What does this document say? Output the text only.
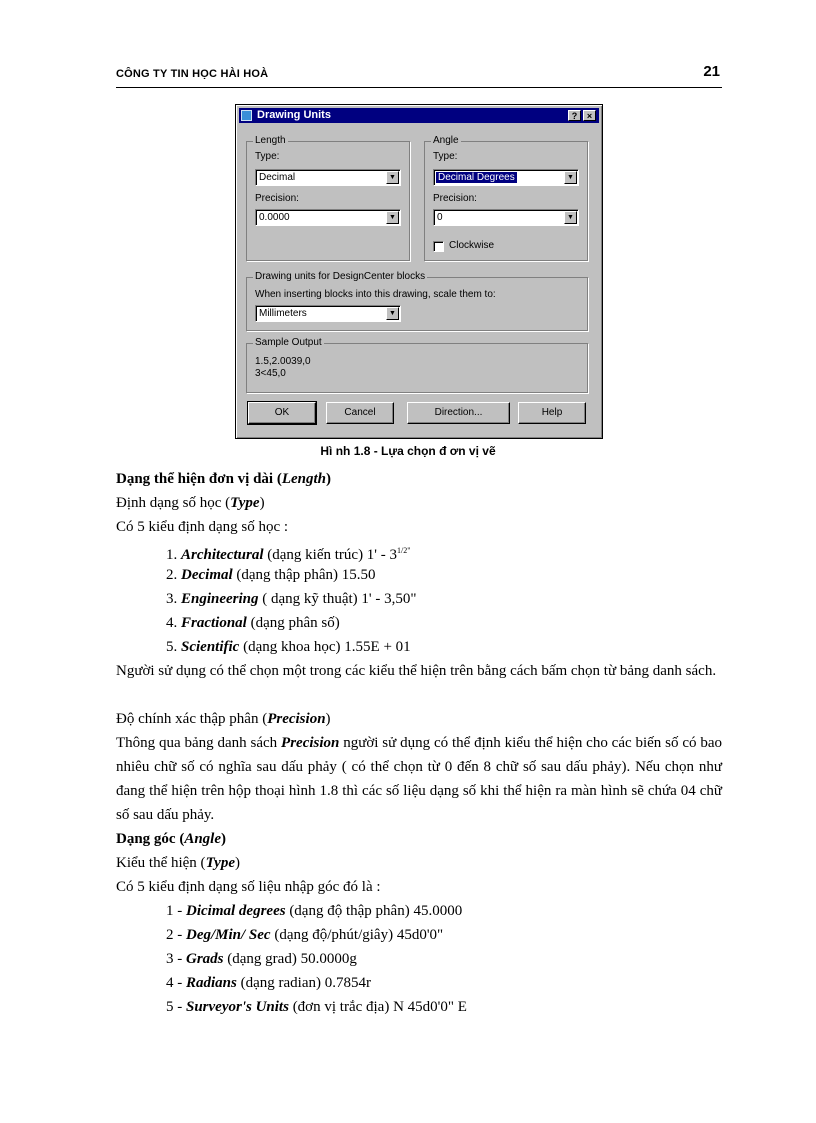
CÔNG TY TIN HỌC HÀI HOÀ	21
Drawing Units	?	×
Length
Type:
Decimal	▼
Precision:
0.0000	▼
Angle
Type:
Decimal Degrees	▼
Precision:
0	▼
Clockwise
Drawing units for DesignCenter blocks
When inserting blocks into this drawing, scale them to:
Millimeters	▼
Sample Output
1.5,2.0039,0
3<45,0
OK	Cancel	Direction...	Help
Hì nh 1.8 - Lựa chọn đ ơn vị vẽ
Dạng thể hiện đơn vị dài (Length)
Định dạng số học (Type)
Có 5 kiểu định dạng số học :
1. Architectural (dạng kiến trúc) $1' - 3^{1/2"}$
2. Decimal (dạng thập phân) 15.50
3. Engineering ( dạng kỹ thuật) 1' - 3,50"
4. Fractional (dạng phân số)
5. Scientific (dạng khoa học) 1.55E + 01
Người sử dụng có thể chọn một trong các kiểu thể hiện trên bằng cách bấm chọn từ bảng danh sách.
Độ chính xác thập phân (Precision)
Thông qua bảng danh sách Precision người sử dụng có thể định kiểu thể hiện cho các biến số có bao nhiêu chữ số có nghĩa sau dấu phảy ( có thể chọn từ 0 đến 8 chữ số sau dấu phảy). Nếu chọn như đang thể hiện trên hộp thoại hình 1.8 thì các số liệu dạng số khi thể hiện ra màn hình sẽ chứa 04 chữ số sau dấu phảy.
Dạng góc (Angle)
Kiểu thể hiện (Type)
Có 5 kiểu định dạng số liệu nhập góc đó là :
1 - Dicimal degrees (dạng độ thập phân) 45.0000
2 - Deg/Min/ Sec (dạng độ/phút/giây) 45d0'0"
3 - Grads (dạng grad) 50.0000g
4 - Radians (dạng radian) 0.7854r
5 - Surveyor's Units (đơn vị trắc địa) N 45d0'0" E
